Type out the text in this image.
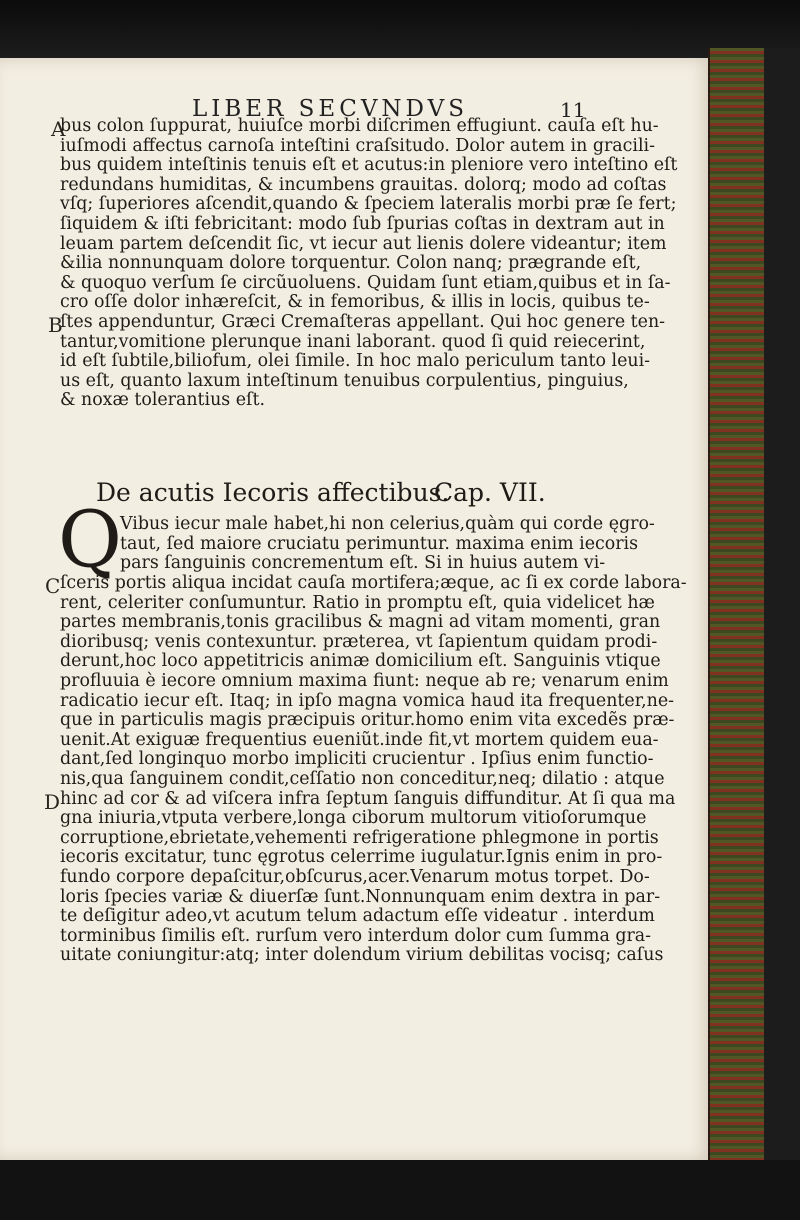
LIBER SECVNDVS	11
A
B
C
D
bus colon ſuppurat, huiuſce morbi diſcrimen effugiunt. cauſa eſt hu-
iuſmodi affectus carnoſa inteſtini craſsitudo. Dolor autem in gracili-
bus quidem inteſtinis tenuis eſt et acutus:in pleniore vero inteſtino eſt
redundans humiditas, & incumbens grauitas. dolorq; modo ad coſtas
vſq; ſuperiores aſcendit,quando & ſpeciem lateralis morbi præ ſe fert;
ſiquidem & iſti febricitant: modo ſub ſpurias coſtas in dextram aut in
leuam partem deſcendit ſic, vt iecur aut lienis dolere videantur; item
&ilia nonnunquam dolore torquentur. Colon nanq; prægrande eſt,
& quoquo verſum ſe circũuoluens. Quidam ſunt etiam,quibus et in ſa-
cro oſſe dolor inhæreſcit, & in femoribus, & illis in locis, quibus te-
ſtes appenduntur, Græci Cremaſteras appellant. Qui hoc genere ten-
tantur,vomitione plerunque inani laborant. quod ſi quid reiecerint,
id eſt ſubtile,biliofum, olei ſimile. In hoc malo periculum tanto leui-
us eſt, quanto laxum inteſtinum tenuibus corpulentius, pinguius,
& noxæ tolerantius eſt.
De acutis Iecoris affectibus.
Cap. VII.
Q
Vibus iecur male habet,hi non celerius,quàm qui corde ęgro-
taut, ſed maiore cruciatu perimuntur. maxima enim iecoris
pars ſanguinis concrementum eſt. Si in huius autem vi-
ſceris portis aliqua incidat cauſa mortifera;æque, ac ſi ex corde labora-
rent, celeriter conſumuntur. Ratio in promptu eſt, quia videlicet hæ
partes membranis,tonis gracilibus & magni ad vitam momenti, gran
dioribusq; venis contexuntur. præterea, vt ſapientum quidam prodi-
derunt,hoc loco appetitricis animæ domicilium eſt. Sanguinis vtique
profluuia è iecore omnium maxima fiunt: neque ab re; venarum enim
radicatio iecur eſt. Itaq; in ipſo magna vomica haud ita frequenter,ne-
que in particulis magis præcipuis oritur.homo enim vita excedẽs præ-
uenit.At exiguæ frequentius eueniũt.inde fit,vt mortem quidem eua-
dant,ſed longinquo morbo impliciti crucientur . Ipſius enim functio-
nis,qua ſanguinem condit,ceſſatio non conceditur,neq; dilatio : atque
hinc ad cor & ad viſcera infra ſeptum ſanguis diffunditur. At ſi qua ma
gna iniuria,vtputa verbere,longa ciborum multorum vitioſorumque
corruptione,ebrietate,vehementi refrigeratione phlegmone in portis
iecoris excitatur, tunc ęgrotus celerrime iugulatur.Ignis enim in pro-
fundo corpore depaſcitur,obſcurus,acer.Venarum motus torpet. Do-
loris ſpecies variæ & diuerſæ ſunt.Nonnunquam enim dextra in par-
te deſigitur adeo,vt acutum telum adactum eſſe videatur . interdum
torminibus ſimilis eſt. rurſum vero interdum dolor cum ſumma gra-
uitate coniungitur:atq; inter dolendum virium debilitas vocisq; caſus
